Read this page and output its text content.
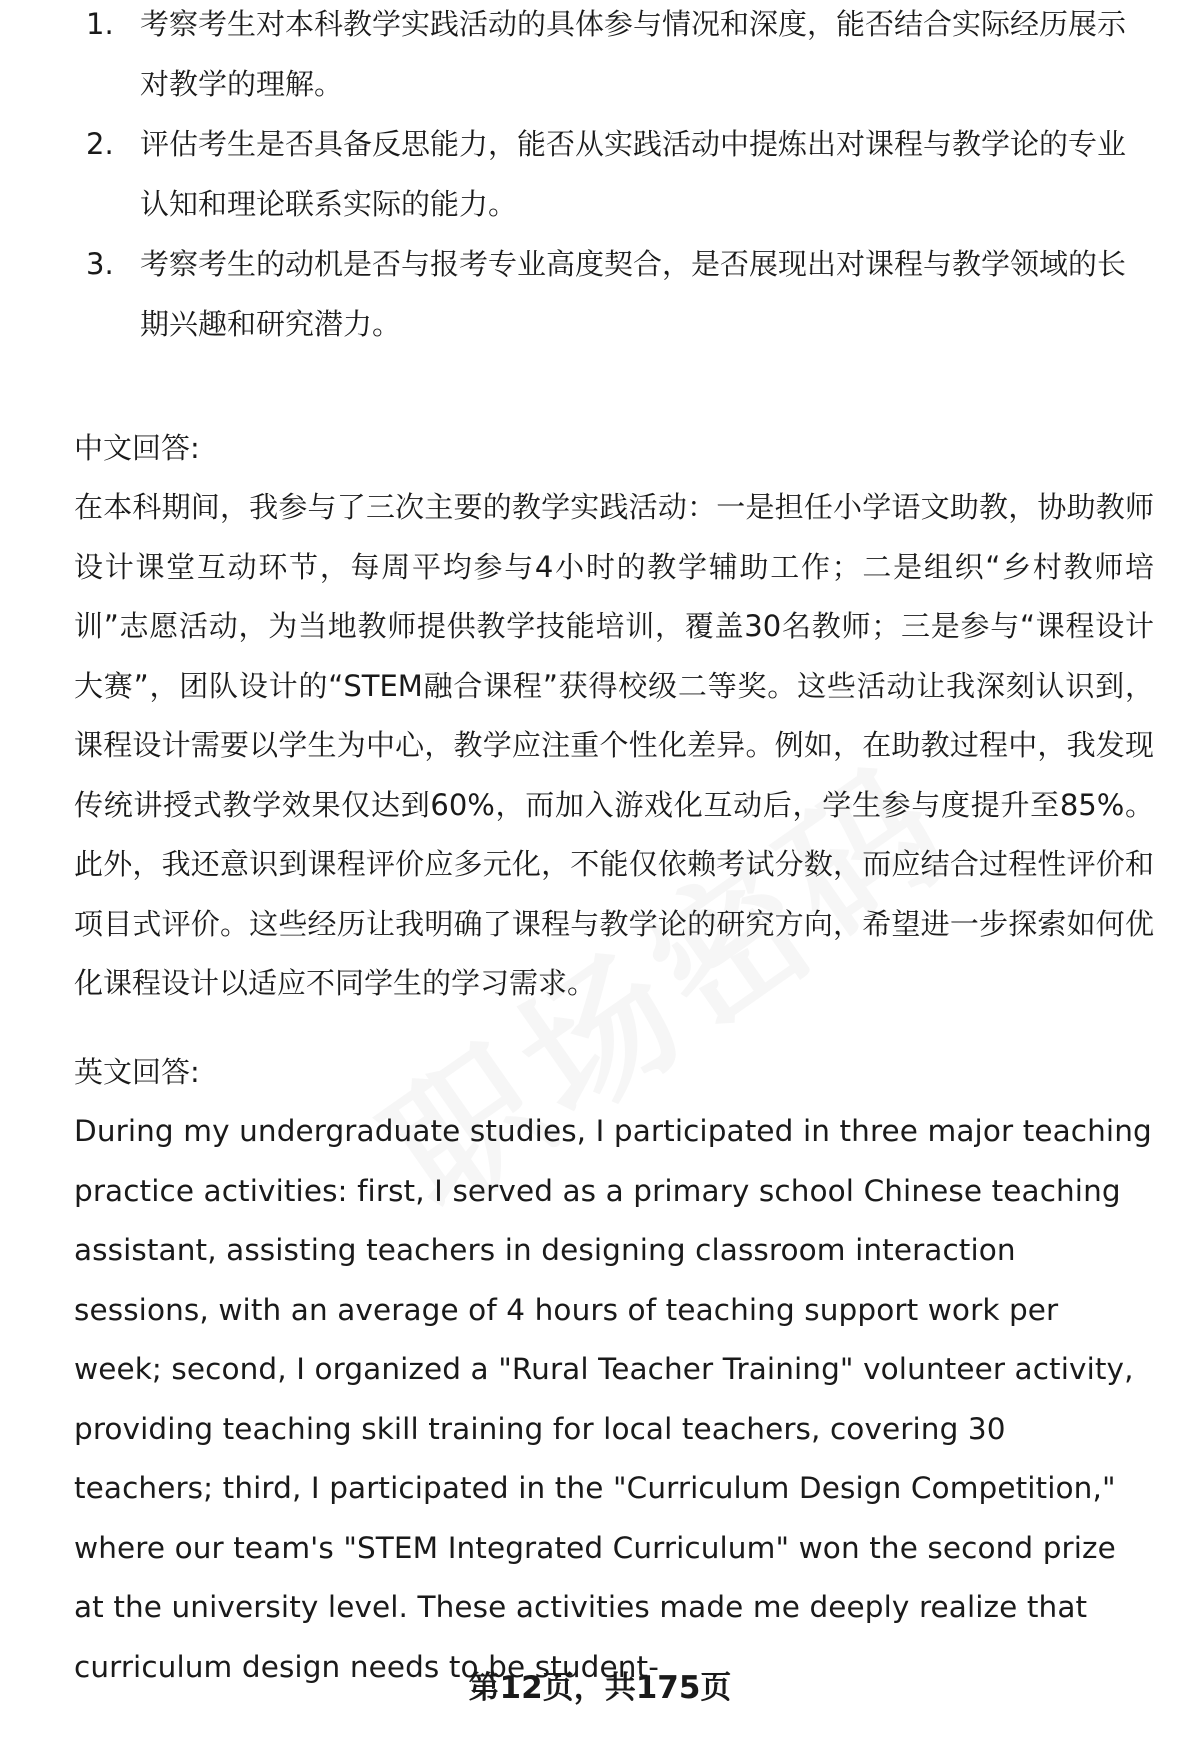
1. 考察考生对本科教学实践活动的具体参与情况和深度，能否结合实际经历展示对教学的理解。
2. 评估考生是否具备反思能力，能否从实践活动中提炼出对课程与教学论的专业认知和理论联系实际的能力。
3. 考察考生的动机是否与报考专业高度契合，是否展现出对课程与教学领域的长期兴趣和研究潜力。
中文回答:
在本科期间，我参与了三次主要的教学实践活动：一是担任小学语文助教，协助教师设计课堂互动环节，每周平均参与4小时的教学辅助工作；二是组织“乡村教师培训”志愿活动，为当地教师提供教学技能培训，覆盖30名教师；三是参与“课程设计大赛”，团队设计的“STEM融合课程”获得校级二等奖。这些活动让我深刻认识到，课程设计需要以学生为中心，教学应注重个性化差异。例如，在助教过程中，我发现传统讲授式教学效果仅达到60%，而加入游戏化互动后，学生参与度提升至85%。此外，我还意识到课程评价应多元化，不能仅依赖考试分数，而应结合过程性评价和项目式评价。这些经历让我明确了课程与教学论的研究方向，希望进一步探索如何优化课程设计以适应不同学生的学习需求。
英文回答:
During my undergraduate studies, I participated in three major teaching practice activities: first, I served as a primary school Chinese teaching assistant, assisting teachers in designing classroom interaction sessions, with an average of 4 hours of teaching support work per week; second, I organized a "Rural Teacher Training" volunteer activity, providing teaching skill training for local teachers, covering 30 teachers; third, I participated in the "Curriculum Design Competition," where our team's "STEM Integrated Curriculum" won the second prize at the university level. These activities made me deeply realize that curriculum design needs to be student-
第12页，共175页
